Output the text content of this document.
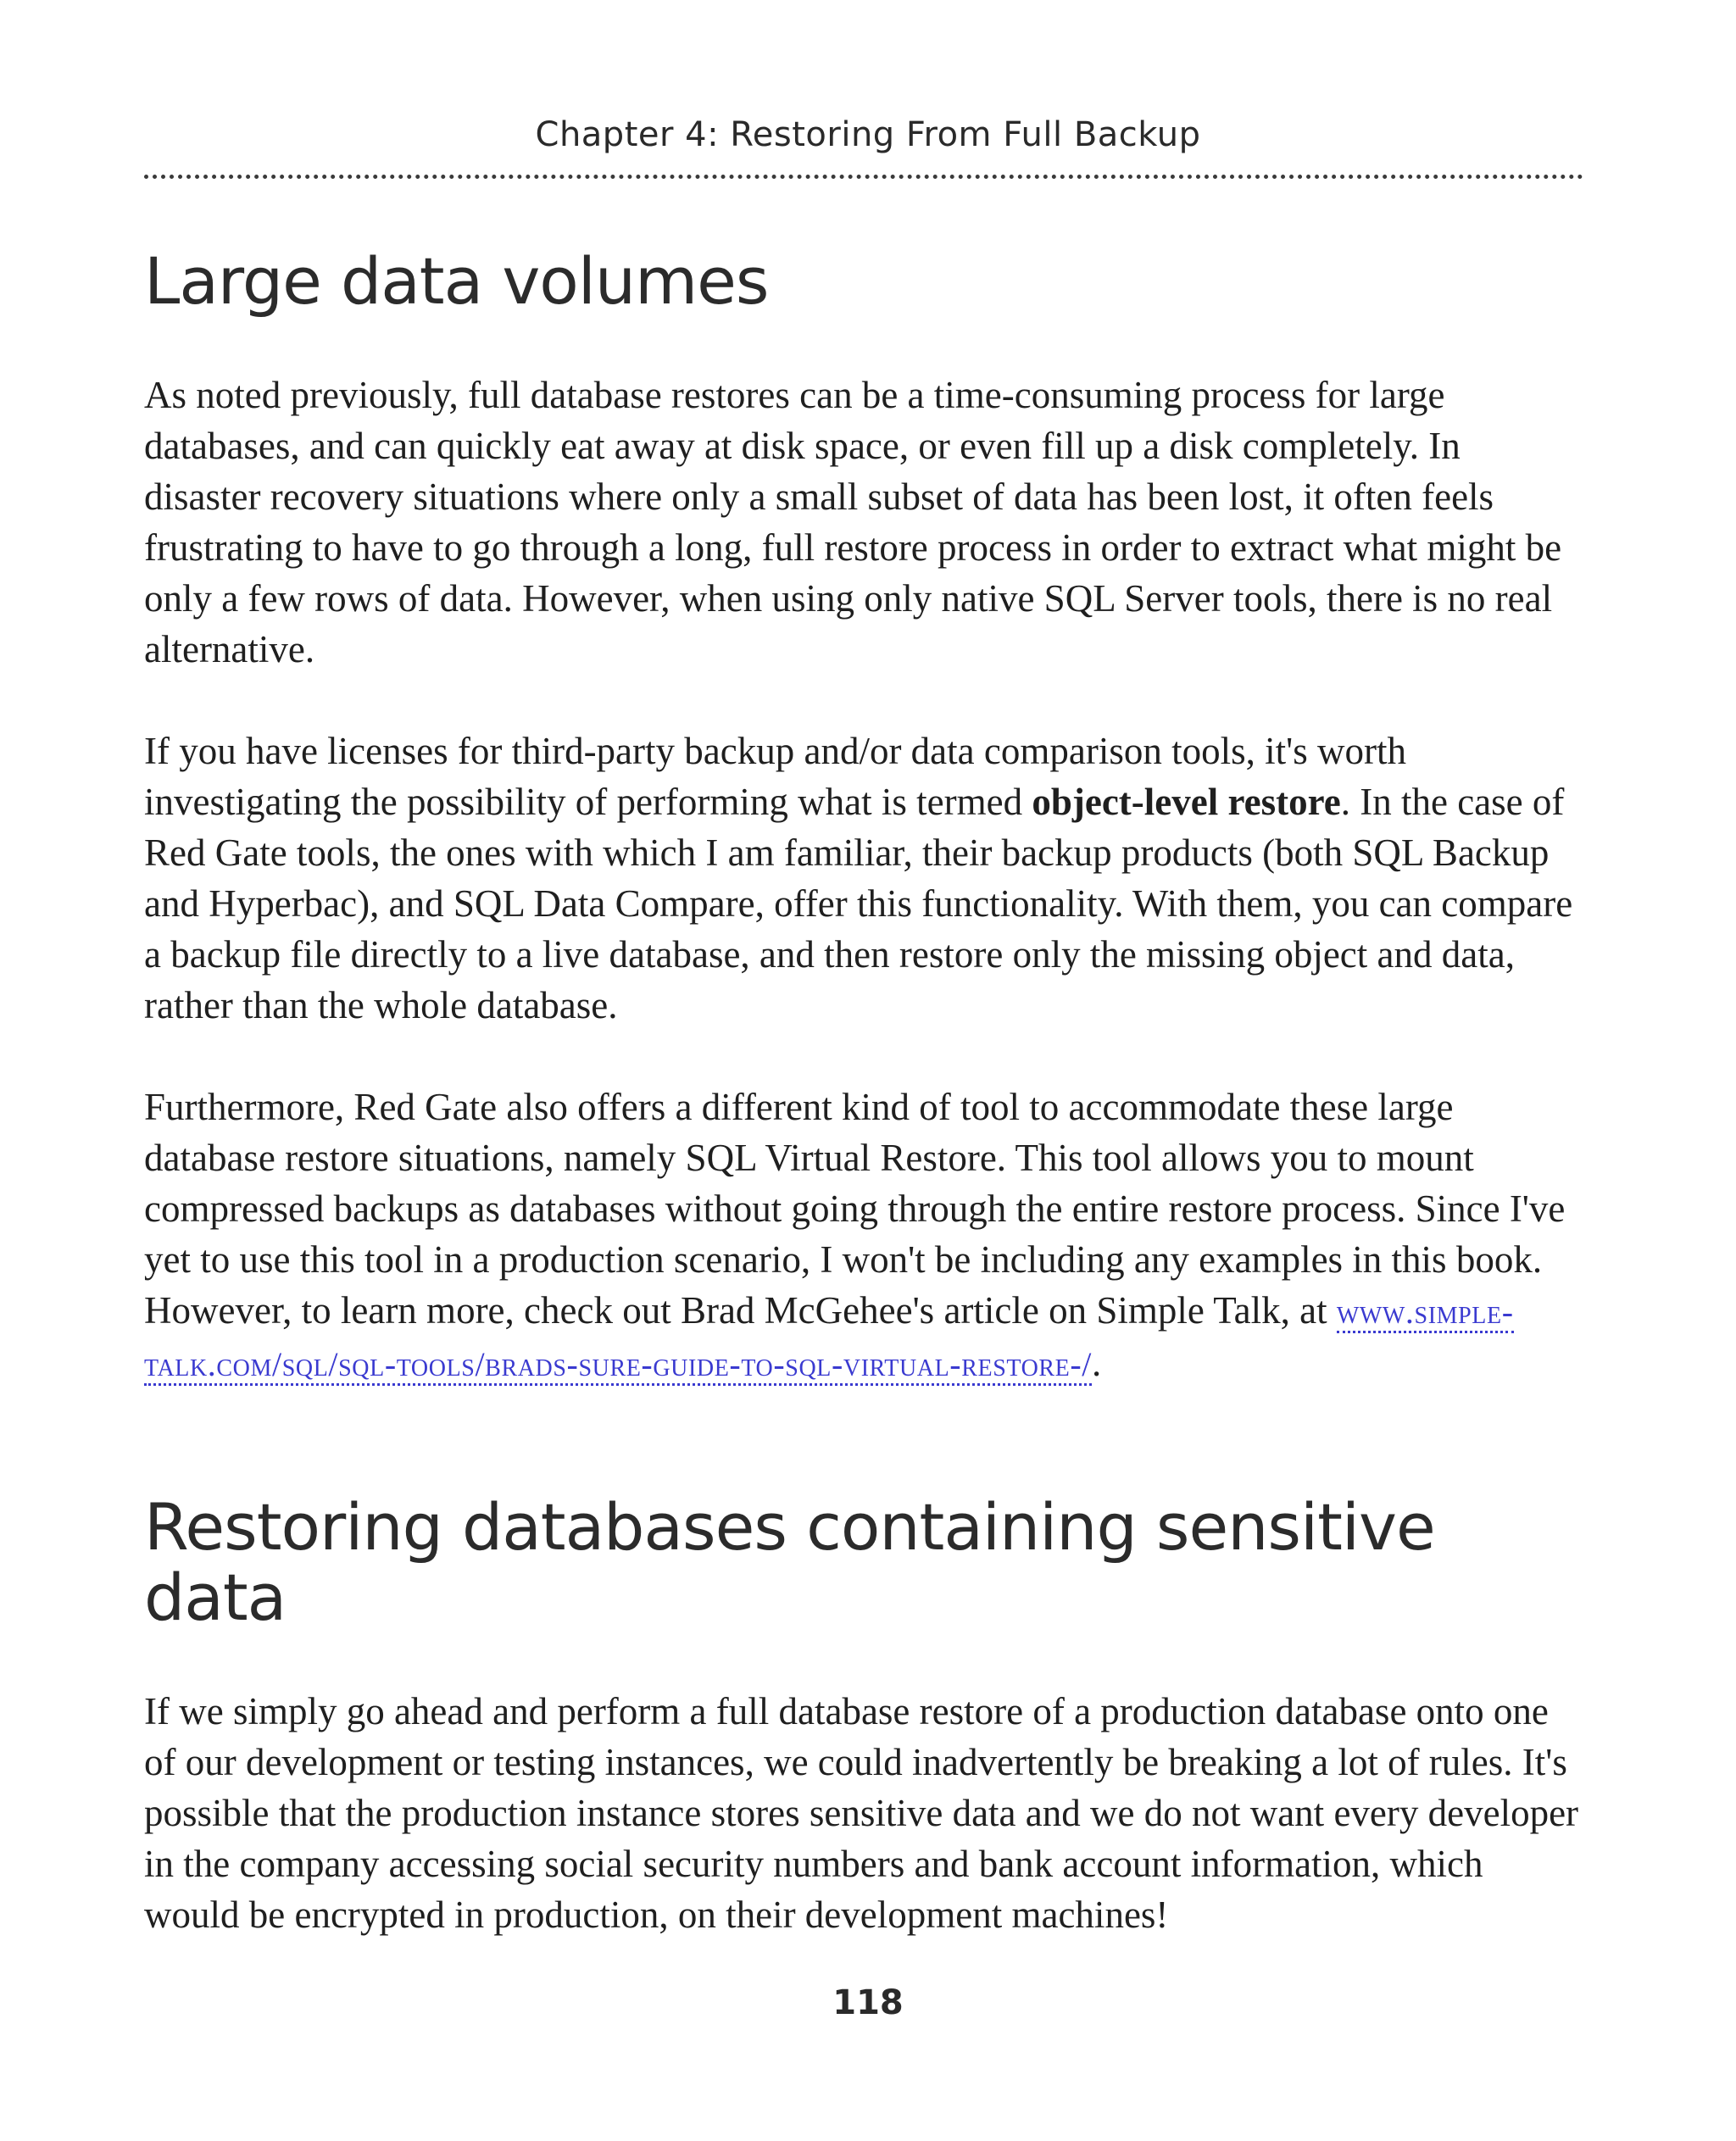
Chapter 4: Restoring From Full Backup
Large data volumes

As noted previously, full database restores can be a time-consuming process for large databases, and can quickly eat away at disk space, or even fill up a disk completely. In disaster recovery situations where only a small subset of data has been lost, it often feels frustrating to have to go through a long, full restore process in order to extract what might be only a few rows of data. However, when using only native SQL Server tools, there is no real alternative.

If you have licenses for third-party backup and/or data comparison tools, it's worth investigating the possibility of performing what is termed object-level restore. In the case of Red Gate tools, the ones with which I am familiar, their backup products (both SQL Backup and Hyperbac), and SQL Data Compare, offer this functionality. With them, you can compare a backup file directly to a live database, and then restore only the missing object and data, rather than the whole database.

Furthermore, Red Gate also offers a different kind of tool to accommodate these large database restore situations, namely SQL Virtual Restore. This tool allows you to mount compressed backups as databases without going through the entire restore process. Since I've yet to use this tool in a production scenario, I won't be including any examples in this book. However, to learn more, check out Brad McGehee's article on Simple Talk, at www.simple-talk.com/sql/sql-tools/brads-sure-guide-to-sql-virtual-restore-/.

Restoring databases containing sensitive data

If we simply go ahead and perform a full database restore of a production database onto one of our development or testing instances, we could inadvertently be breaking a lot of rules. It's possible that the production instance stores sensitive data and we do not want every developer in the company accessing social security numbers and bank account information, which would be encrypted in production, on their development machines!

118
